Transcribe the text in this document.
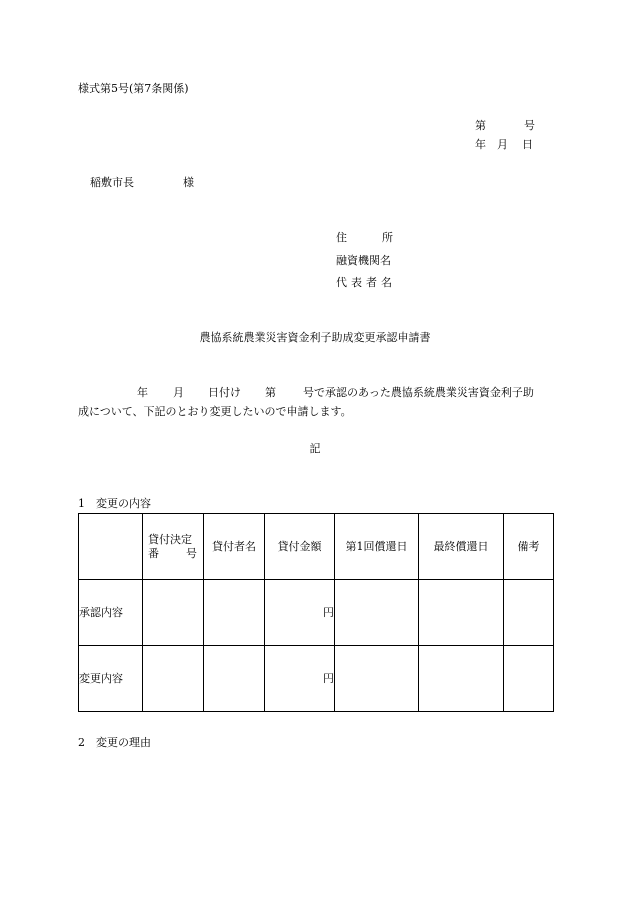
様式第5号(第7条関係)
第	号
年 月 日
稲敷市長	様
住	所
融資機関名
代表者名
農協系統農業災害資金利子助成変更承認申請書
年 月 日付け 第 号で承認のあった農協系統農業災害資金利子助
成について、下記のとおり変更したいので申請します。
記
1　変更の内容

	貸付決定
番 号	貸付者名	貸付金額	第1回償還日	最終償還日	備考
承認内容			円			
変更内容			円			
2　変更の理由
